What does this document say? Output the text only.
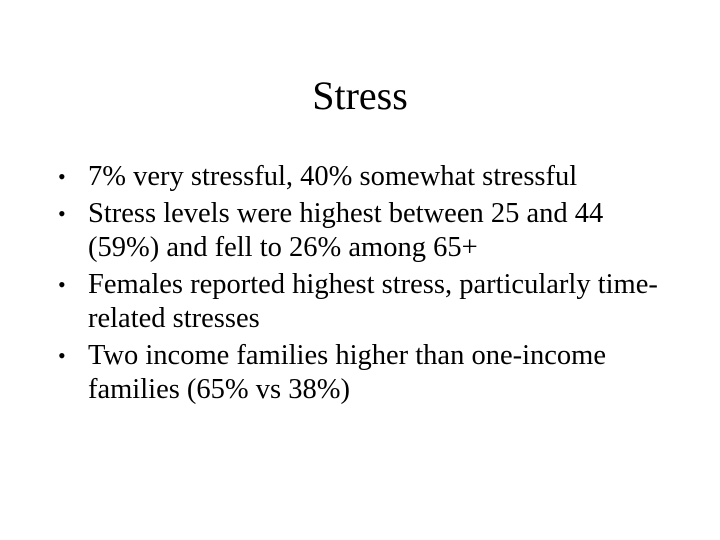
Stress
• 7% very stressful, 40% somewhat stressful
• Stress levels were highest between 25 and 44 (59%) and fell to 26% among 65+
• Females reported highest stress, particularly time-related stresses
• Two income families higher than one-income families (65% vs 38%)
